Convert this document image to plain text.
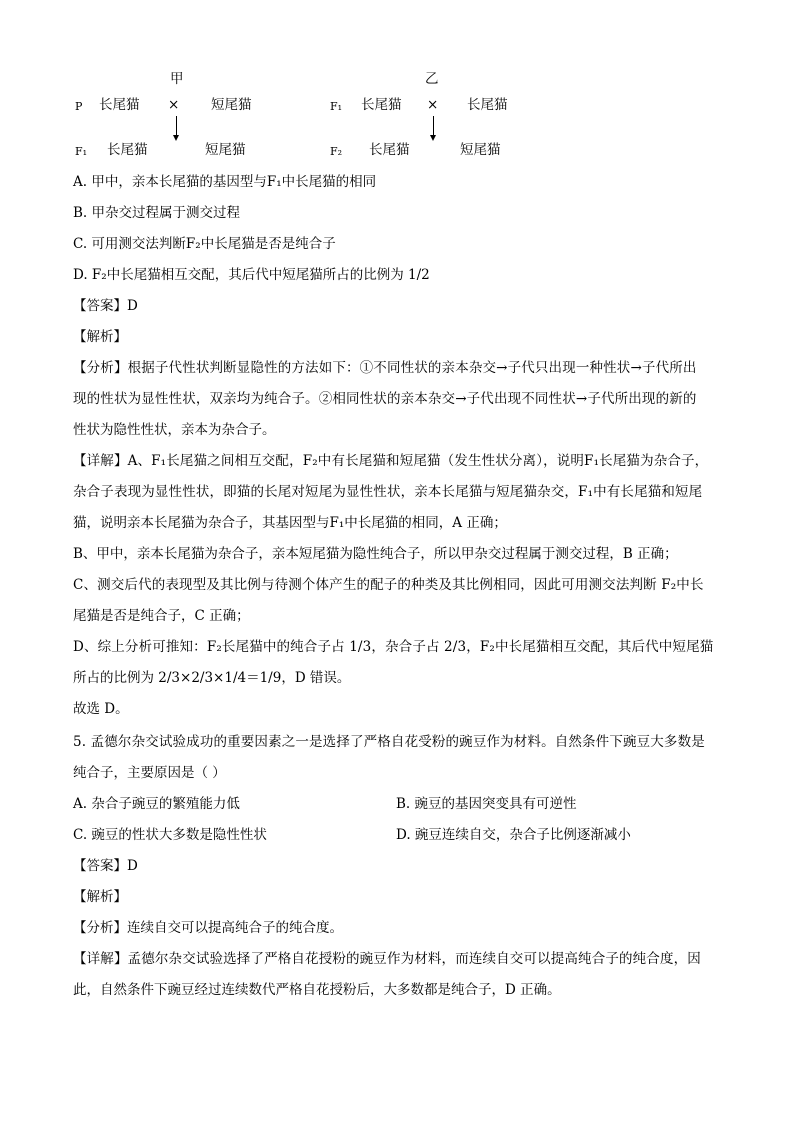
甲
P 长尾猫 × 短尾猫
F₁ 长尾猫	短尾猫
乙
F₁ 长尾猫 × 长尾猫
F₂ 长尾猫	短尾猫
A. 甲中，亲本长尾猫的基因型与F₁中长尾猫的相同
B. 甲杂交过程属于测交过程
C. 可用测交法判断F₂中长尾猫是否是纯合子
D. F₂中长尾猫相互交配，其后代中短尾猫所占的比例为 1/2
【答案】D
【解析】
【分析】根据子代性状判断显隐性的方法如下：①不同性状的亲本杂交→子代只出现一种性状→子代所出
现的性状为显性性状，双亲均为纯合子。②相同性状的亲本杂交→子代出现不同性状→子代所出现的新的
性状为隐性性状，亲本为杂合子。
【详解】A、F₁长尾猫之间相互交配，F₂中有长尾猫和短尾猫（发生性状分离），说明F₁长尾猫为杂合子，
杂合子表现为显性性状，即猫的长尾对短尾为显性性状，亲本长尾猫与短尾猫杂交，F₁中有长尾猫和短尾
猫，说明亲本长尾猫为杂合子，其基因型与F₁中长尾猫的相同，A 正确；
B、甲中，亲本长尾猫为杂合子，亲本短尾猫为隐性纯合子，所以甲杂交过程属于测交过程，B 正确；
C、测交后代的表现型及其比例与待测个体产生的配子的种类及其比例相同，因此可用测交法判断 F₂中长
尾猫是否是纯合子，C 正确；
D、综上分析可推知：F₂长尾猫中的纯合子占 1/3，杂合子占 2/3，F₂中长尾猫相互交配，其后代中短尾猫
所占的比例为 2/3×2/3×1/4＝1/9，D 错误。
故选 D。
5. 孟德尔杂交试验成功的重要因素之一是选择了严格自花受粉的豌豆作为材料。自然条件下豌豆大多数是
纯合子，主要原因是（ ）
A. 杂合子豌豆的繁殖能力低	B. 豌豆的基因突变具有可逆性
C. 豌豆的性状大多数是隐性性状	D. 豌豆连续自交，杂合子比例逐渐减小
【答案】D
【解析】
【分析】连续自交可以提高纯合子的纯合度。
【详解】孟德尔杂交试验选择了严格自花授粉的豌豆作为材料，而连续自交可以提高纯合子的纯合度，因
此，自然条件下豌豆经过连续数代严格自花授粉后，大多数都是纯合子，D 正确。
